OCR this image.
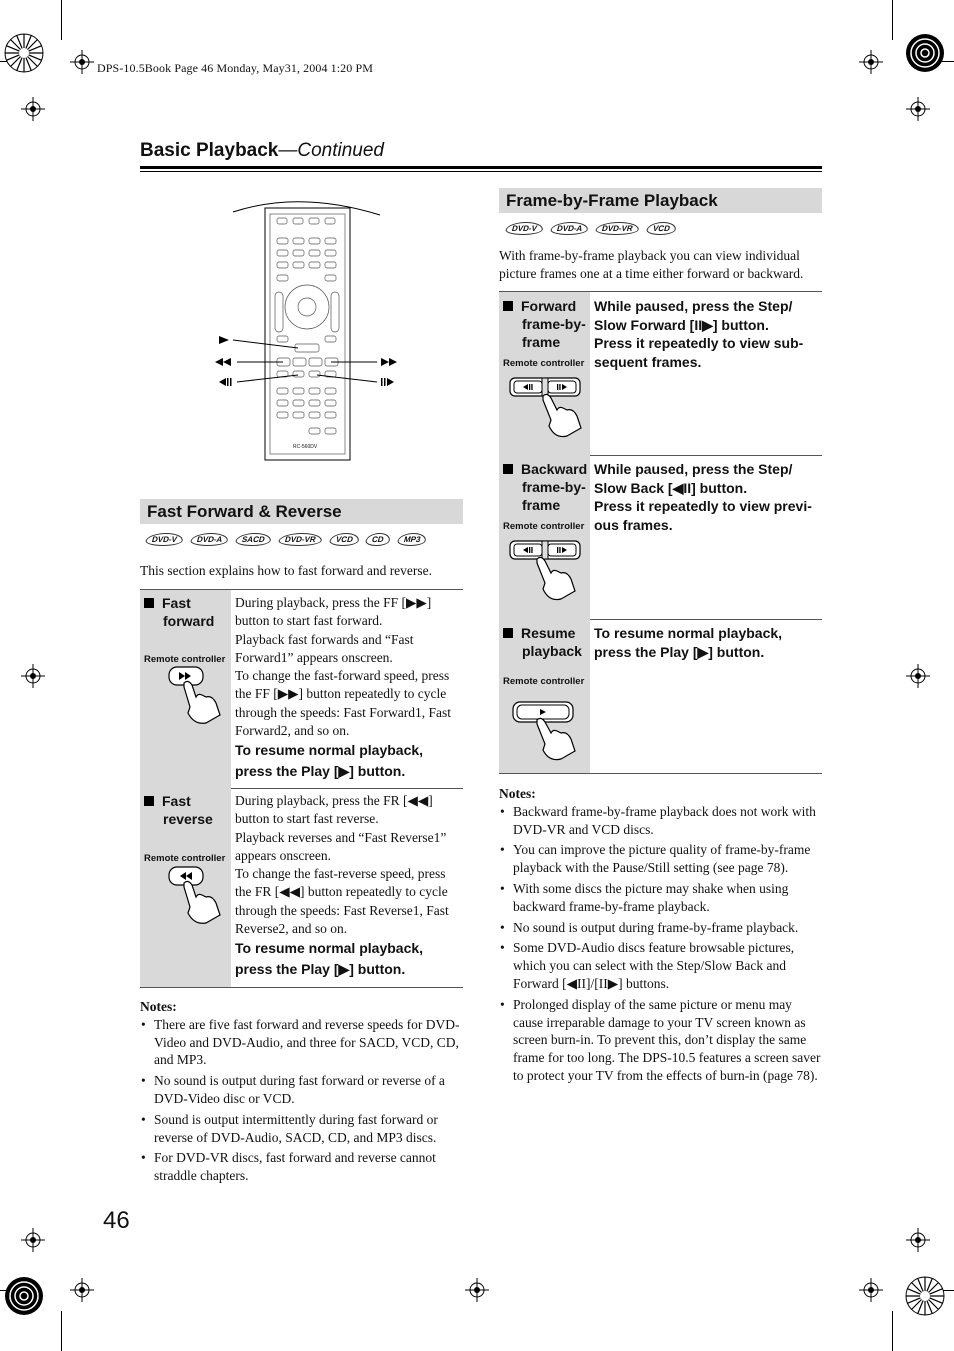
DPS-10.5Book Page 46 Monday, May31, 2004 1:20 PM
Basic Playback—Continued
RC-560DV
Fast Forward & Reverse
DVD-V	DVD-A	SACD	DVD-VR	VCD	CD	MP3
This section explains how to fast forward and reverse.
Fast
forward
Remote controller

During playback, press the FF [▶▶] button to start fast forward.

Playback fast forwards and “Fast Forward1” appears onscreen.

To change the fast-forward speed, press the FF [▶▶] button repeatedly to cycle through the speeds: Fast Forward1, Fast Forward2, and so on.

To resume normal playback, press the Play [▶] button.

Fast
reverse
Remote controller

During playback, press the FR [◀◀] button to start fast reverse.

Playback reverses and “Fast Reverse1” appears onscreen.

To change the fast-reverse speed, press the FR [◀◀] button repeatedly to cycle through the speeds: Fast Reverse1, Fast Reverse2, and so on.

To resume normal playback, press the Play [▶] button.

Notes:
• There are five fast forward and reverse speeds for DVD-Video and DVD-Audio, and three for SACD, VCD, CD, and MP3.
• No sound is output during fast forward or reverse of a DVD-Video disc or VCD.
• Sound is output intermittently during fast forward or reverse of DVD-Audio, SACD, CD, and MP3 discs.
• For DVD-VR discs, fast forward and reverse cannot straddle chapters.
Frame-by-Frame Playback
DVD-V	DVD-A	DVD-VR	VCD
With frame-by-frame playback you can view individual picture frames one at a time either forward or backward.
Forward
frame-by-
frame
Remote controller

While paused, press the Step/ Slow Forward [II▶] button.

Press it repeatedly to view sub- sequent frames.

Backward
frame-by-
frame
Remote controller

While paused, press the Step/ Slow Back [◀II] button.

Press it repeatedly to view previ- ous frames.

Resume
playback
Remote controller

To resume normal playback, press the Play [▶] button.

Notes:
• Backward frame-by-frame playback does not work with DVD-VR and VCD discs.
• You can improve the picture quality of frame-by-frame playback with the Pause/Still setting (see page 78).
• With some discs the picture may shake when using backward frame-by-frame playback.
• No sound is output during frame-by-frame playback.
• Some DVD-Audio discs feature browsable pictures, which you can select with the Step/Slow Back and Forward [◀II]/[II▶] buttons.
• Prolonged display of the same picture or menu may cause irreparable damage to your TV screen known as screen burn-in. To prevent this, don’t display the same frame for too long. The DPS-10.5 features a screen saver to protect your TV from the effects of burn-in (page 78).
46
